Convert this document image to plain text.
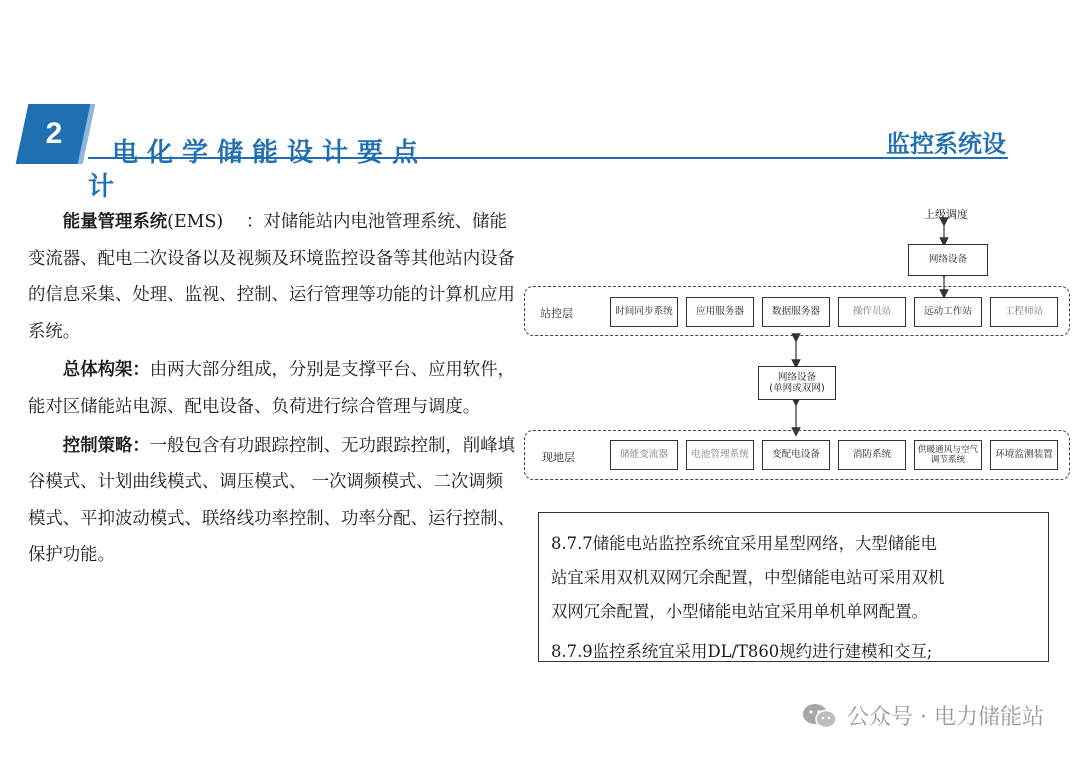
2
电化学储能设计要点
计
监控系统设

能量管理系统(EMS)　 ：对储能站内电池管理系统、储能变流器、配电二次设备以及视频及环境监控设备等其他站内设备的信息采集、处理、监视、控制、运行管理等功能的计算机应用系统。

总体构架：由两大部分组成，分别是支撑平台、应用软件，能对区储能站电源、配电设备、负荷进行综合管理与调度。

控制策略：一般包含有功跟踪控制、无功跟踪控制，削峰填谷模式、计划曲线模式、调压模式、 一次调频模式、二次调频模式、平抑波动模式、联络线功率控制、功率分配、运行控制、保护功能。

上级调度
网络设备
站控层	时间同步系统	应用服务器	数据服务器	操作员站	远动工作站	工程师站
网络设备
(单网或双网)
现地层	储能变流器	电池管理系统	变配电设备	消防系统	供暖通风与空气
调节系统	环境监测装置
8.7.7储能电站监控系统宜采用星型网络，大型储能电
站宜采用双机双网冗余配置，中型储能电站可采用双机
双网冗余配置，小型储能电站宜采用单机单网配置。
8.7.9监控系统宜采用DL/T860规约进行建模和交互;
公众号 · 电力储能站
